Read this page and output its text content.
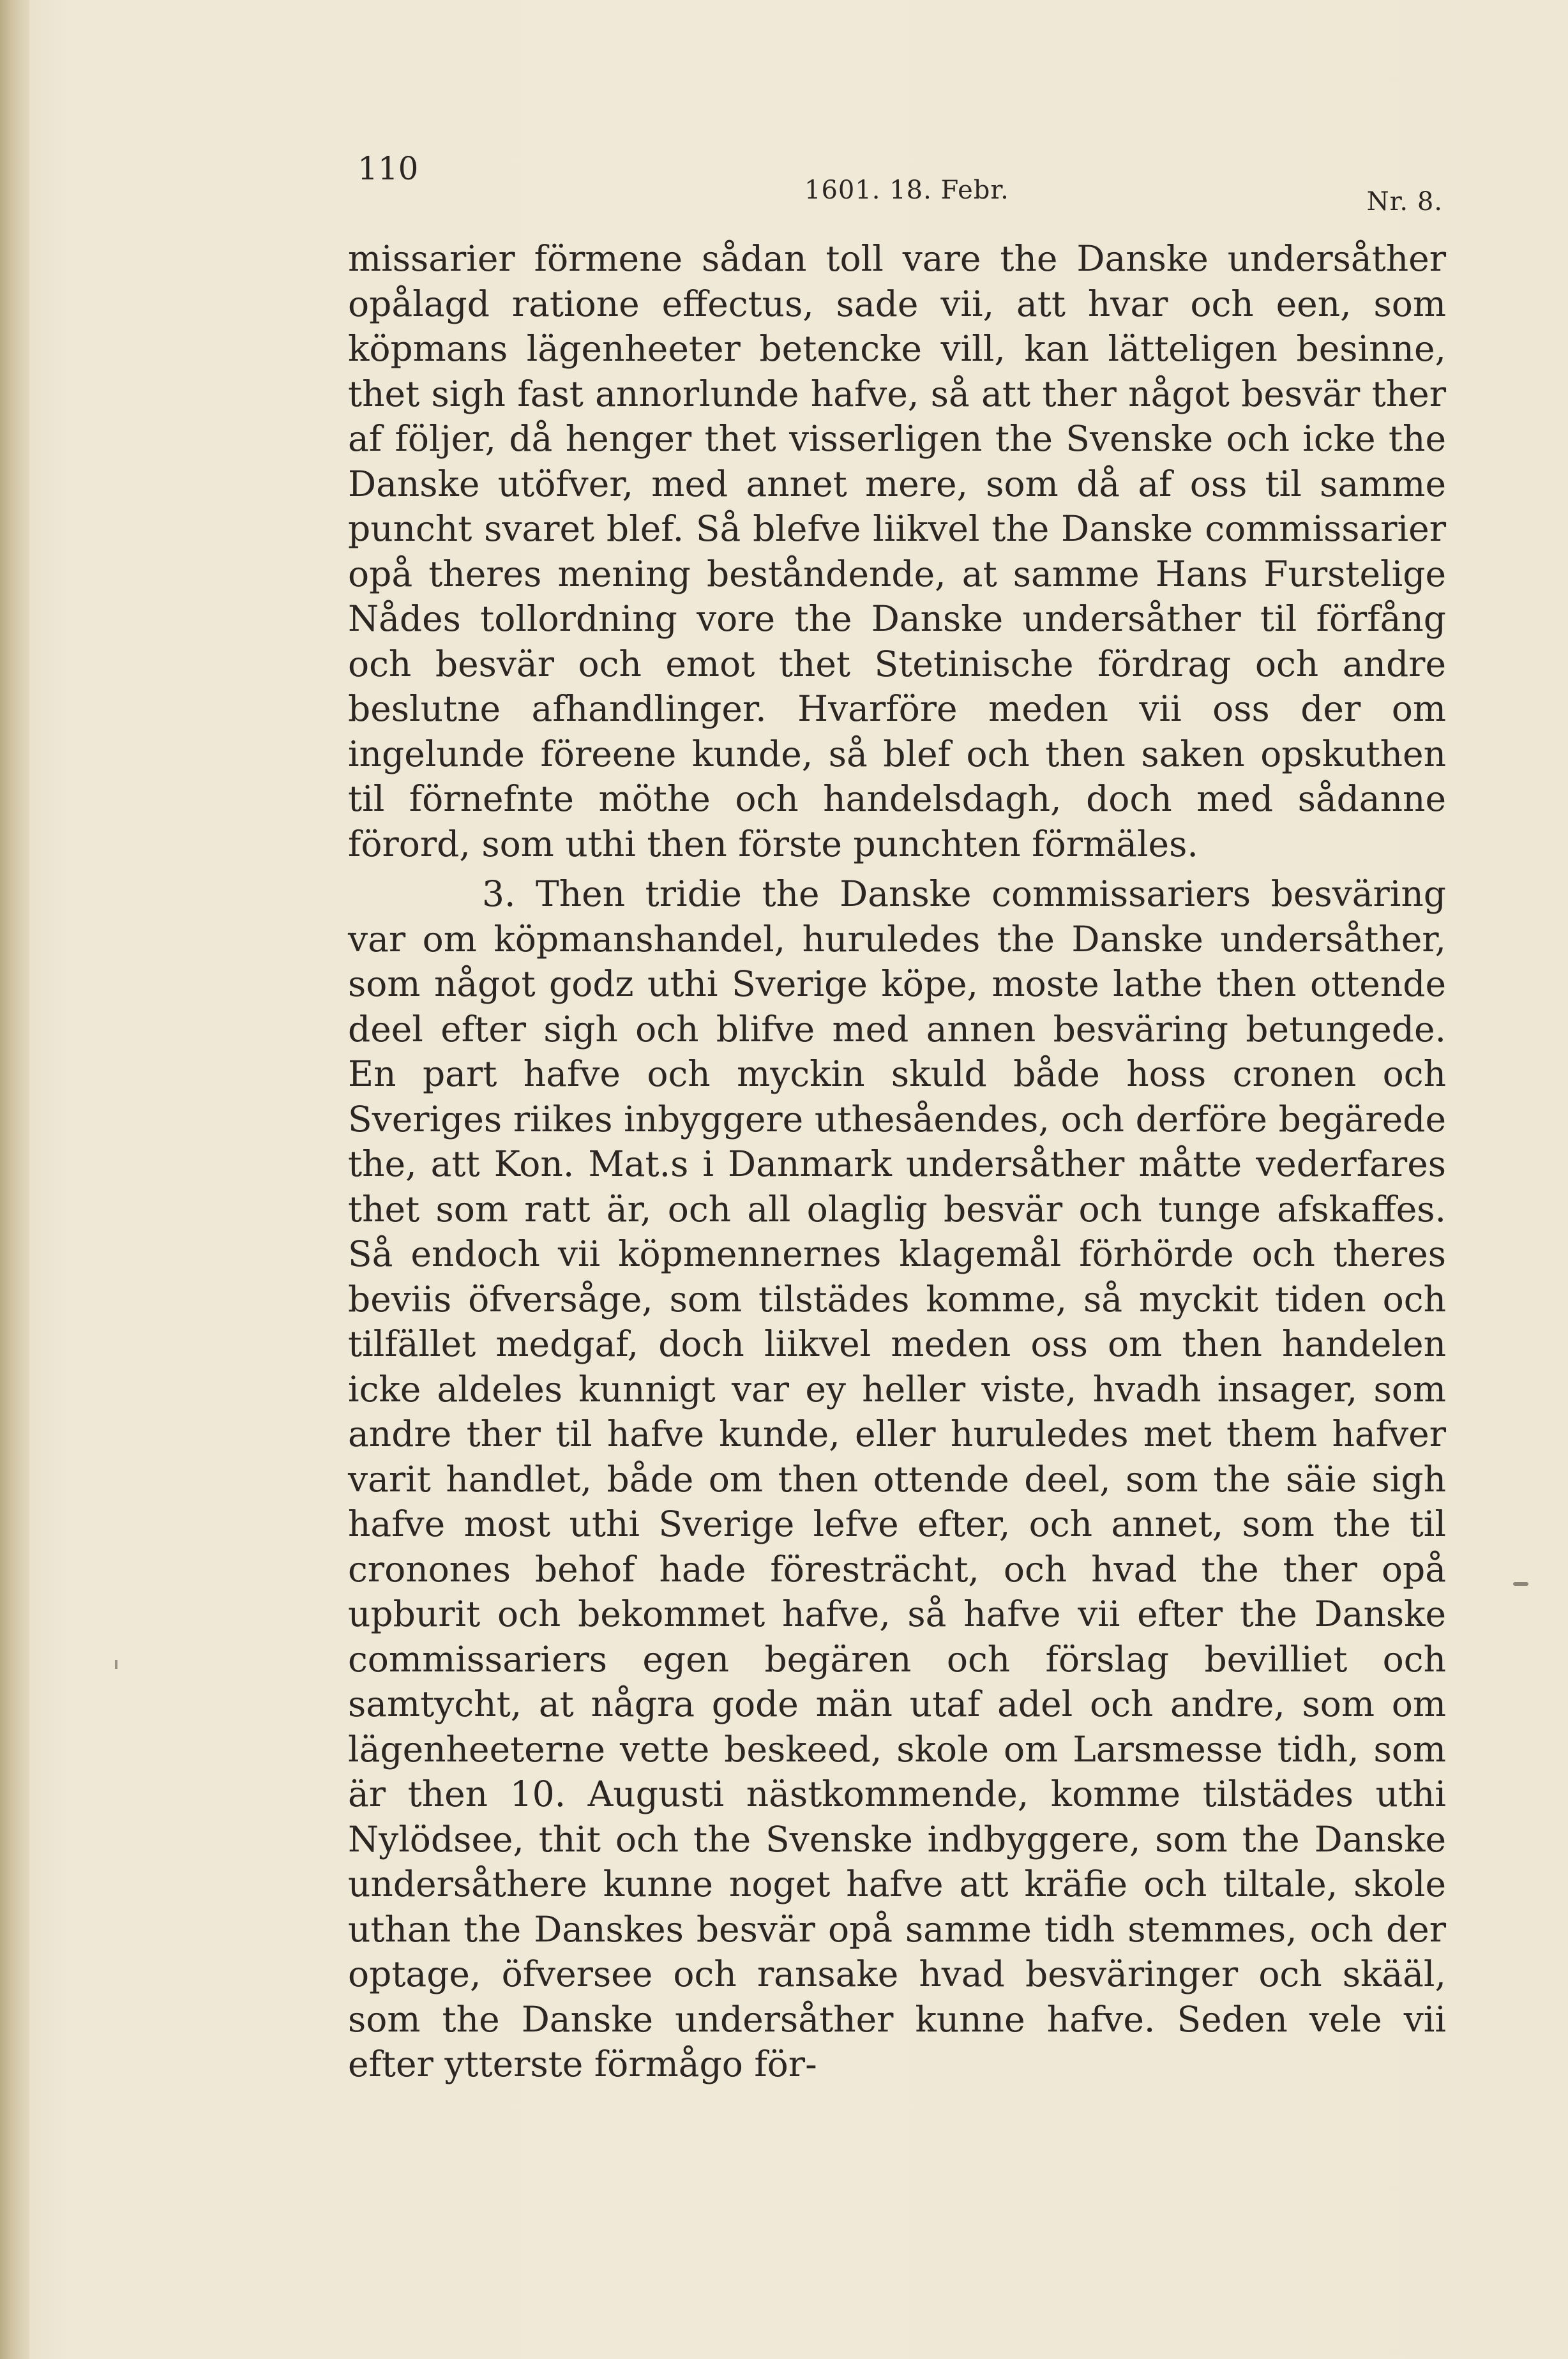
110
1601. 18. Febr.	Nr. 8.

missarier förmene sådan toll vare the Danske undersåther opålagd ratione effectus, sade vii, att hvar och een, som köpmans lägenheeter betencke vill, kan lätteligen besinne, thet sigh fast annorlunde hafve, så att ther något besvär ther af följer, då henger thet visserligen the Svenske och icke the Danske utöfver, med annet mere, som då af oss til samme puncht svaret blef. Så blefve liikvel the Danske commissarier opå theres mening beståndende, at samme Hans Furstelige Nådes tollordning vore the Danske undersåther til förfång och besvär och emot thet Stetinische fördrag och andre beslutne afhandlinger. Hvarföre meden vii oss der om ingelunde föreene kunde, så blef och then saken opskuthen til förnefnte möthe och handelsdagh, doch med sådanne förord, som uthi then förste punchten förmäles.

3. Then tridie the Danske commissariers besväring var om köpmanshandel, huruledes the Danske undersåther, som något godz uthi Sverige köpe, moste lathe then ottende deel efter sigh och blifve med annen besväring betungede. En part hafve och myckin skuld både hoss cronen och Sveriges riikes inbyggere uthesåendes, och derföre begärede the, att Kon. Mat.s i Danmark undersåther måtte vederfares thet som ratt är, och all olaglig besvär och tunge afskaffes. Så endoch vii köpmennernes klagemål förhörde och theres beviis öfversåge, som tilstädes komme, så myckit tiden och tilfället medgaf, doch liikvel meden oss om then handelen icke aldeles kunnigt var ey heller viste, hvadh insager, som andre ther til hafve kunde, eller huruledes met them hafver varit handlet, både om then ottende deel, som the säie sigh hafve most uthi Sverige lefve efter, och annet, som the til cronones behof hade föresträcht, och hvad the ther opå upburit och bekommet hafve, så hafve vii efter the Danske commissariers egen begären och förslag bevilliet och samtycht, at några gode män utaf adel och andre, som om lägenheeterne vette beskeed, skole om Larsmesse tidh, som är then 10. Augusti nästkommende, komme tilstädes uthi Nylödsee, thit och the Svenske indbyggere, som the Danske undersåthere kunne noget hafve att kräfie och tiltale, skole uthan the Danskes besvär opå samme tidh stemmes, och der optage, öfversee och ransake hvad besväringer och skääl, som the Danske undersåther kunne hafve. Seden vele vii efter ytterste förmågo för-
